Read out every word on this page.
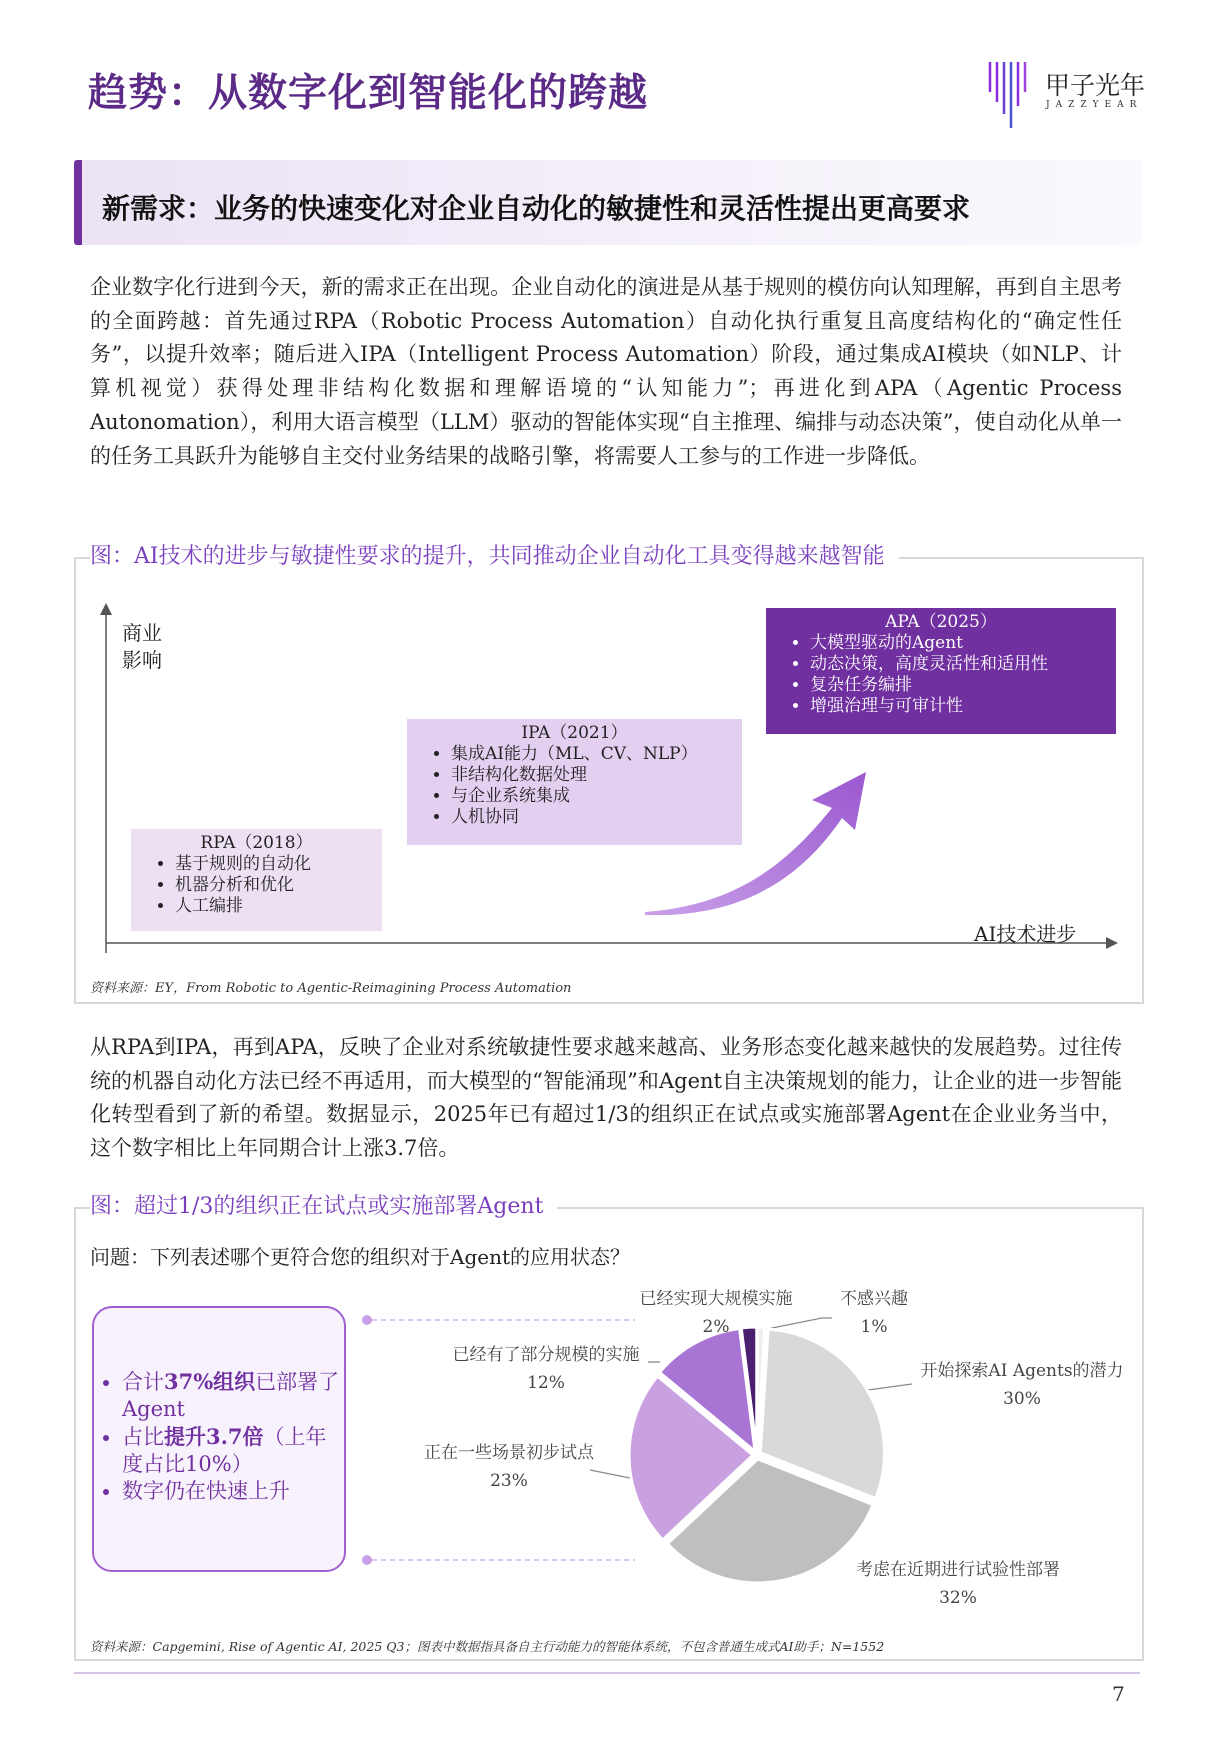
趋势：从数字化到智能化的跨越	甲子光年
JAZZYEAR
新需求：业务的快速变化对企业自动化的敏捷性和灵活性提出更高要求
企业数字化行进到今天，新的需求正在出现。企业自动化的演进是从基于规则的模仿向认知理解，再到自主思考的全面跨越：首先通过RPA（Robotic Process Automation）自动化执行重复且高度结构化的“确定性任务”，以提升效率；随后进入IPA（Intelligent Process Automation）阶段，通过集成AI模块（如NLP、计算机视觉）获得处理非结构化数据和理解语境的“认知能力”；再进化到APA（Agentic Process Autonomation），利用大语言模型（LLM）驱动的智能体实现“自主推理、编排与动态决策”，使自动化从单一的任务工具跃升为能够自主交付业务结果的战略引擎，将需要人工参与的工作进一步降低。
图：AI技术的进步与敏捷性要求的提升，共同推动企业自动化工具变得越来越智能
商业影响
AI技术进步
RPA（2018）
• 基于规则的自动化
• 机器分析和优化
• 人工编排
IPA（2021）
• 集成AI能力（ML、CV、NLP）
• 非结构化数据处理
• 与企业系统集成
• 人机协同
APA（2025）
• 大模型驱动的Agent
• 动态决策，高度灵活性和适用性
• 复杂任务编排
• 增强治理与可审计性
资料来源：EY，From Robotic to Agentic-Reimagining Process Automation
从RPA到IPA，再到APA，反映了企业对系统敏捷性要求越来越高、业务形态变化越来越快的发展趋势。过往传统的机器自动化方法已经不再适用，而大模型的“智能涌现”和Agent自主决策规划的能力，让企业的进一步智能化转型看到了新的希望。数据显示，2025年已有超过1/3的组织正在试点或实施部署Agent在企业业务当中，这个数字相比上年同期合计上涨3.7倍。
图：超过1/3的组织正在试点或实施部署Agent
问题：下列表述哪个更符合您的组织对于Agent的应用状态？
• 合计37%组织已部署了Agent
• 占比提升3.7倍（上年度占比10%）
• 数字仍在快速上升
已经实现大规模实施
2%
不感兴趣
1%
已经有了部分规模的实施
12%
开始探索AI Agents的潜力
30%
正在一些场景初步试点
23%
考虑在近期进行试验性部署
32%
资料来源：Capgemini, Rise of Agentic AI, 2025 Q3；图表中数据指具备自主行动能力的智能体系统，不包含普通生成式AI助手；N=1552
7
